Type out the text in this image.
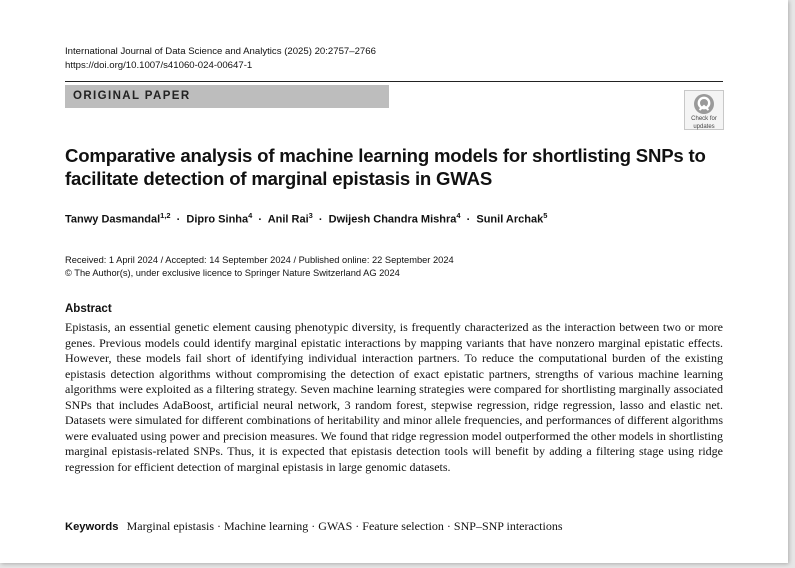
International Journal of Data Science and Analytics (2025) 20:2757–2766
https://doi.org/10.1007/s41060-024-00647-1
ORIGINAL PAPER
Check for
updates
Comparative analysis of machine learning models for shortlisting SNPs to facilitate detection of marginal epistasis in GWAS
Tanwy Dasmandal$^{1,2}$ · Dipro Sinha$^4$ · Anil Rai$^3$ · Dwijesh Chandra Mishra$^4$ · Sunil Archak$^5$
Received: 1 April 2024 / Accepted: 14 September 2024 / Published online: 22 September 2024
© The Author(s), under exclusive licence to Springer Nature Switzerland AG 2024
Abstract

Epistasis, an essential genetic element causing phenotypic diversity, is frequently characterized as the interaction between two or more genes. Previous models could identify marginal epistatic interactions by mapping variants that have nonzero marginal epistatic effects. However, these models fail short of identifying individual interaction partners. To reduce the computational burden of the existing epistasis detection algorithms without compromising the detection of exact epistatic partners, strengths of various machine learning algorithms were exploited as a filtering strategy. Seven machine learning strategies were compared for shortlisting marginally associated SNPs that includes AdaBoost, artificial neural network, 3 random forest, stepwise regression, ridge regression, lasso and elastic net. Datasets were simulated for different combinations of heritability and minor allele frequencies, and performances of different algorithms were evaluated using power and precision measures. We found that ridge regression model outperformed the other models in shortlisting marginal epistasis-related SNPs. Thus, it is expected that epistasis detection tools will benefit by adding a filtering stage using ridge regression for efficient detection of marginal epistasis in large genomic datasets.

Keywords Marginal epistasis · Machine learning · GWAS · Feature selection · SNP–SNP interactions
